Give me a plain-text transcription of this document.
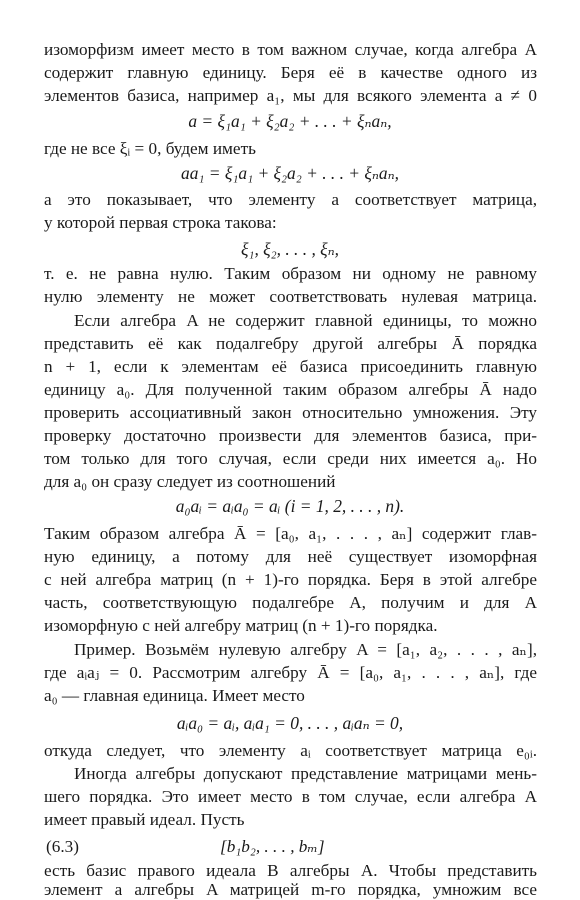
изоморфизм имеет место в том важном случае, когда алгебра A
содержит главную единицу. Беря её в качестве одного из
элементов базиса, например a₁, мы для всякого элемента a ≠ 0
a = ξ₁a₁ + ξ₂a₂ + . . . + ξₙaₙ,
где не все ξᵢ = 0, будем иметь
aa₁ = ξ₁a₁ + ξ₂a₂ + . . . + ξₙaₙ,
а это показывает, что элементу a соответствует матрица,
у которой первая строка такова:
ξ₁, ξ₂, . . . , ξₙ,
т. е. не равна нулю. Таким образом ни одному не равному
нулю элементу не может соответствовать нулевая матрица.
Если алгебра A не содержит главной единицы, то можно
представить её как подалгебру другой алгебры Ā порядка
n + 1, если к элементам её базиса присоединить главную
единицу a₀. Для полученной таким образом алгебры Ā надо
проверить ассоциативный закон относительно умножения. Эту
проверку достаточно произвести для элементов базиса, при-
том только для того случая, если среди них имеется a₀. Но
для a₀ он сразу следует из соотношений
a₀aᵢ = aᵢa₀ = aᵢ (i = 1, 2, . . . , n).
Таким образом алгебра Ā = [a₀, a₁, . . . , aₙ] содержит глав-
ную единицу, а потому для неё существует изоморфная
с ней алгебра матриц (n + 1)-го порядка. Беря в этой алгебре
часть, соответствующую подалгебре A, получим и для A
изоморфную с ней алгебру матриц (n + 1)-го порядка.
Пример. Возьмём нулевую алгебру A = [a₁, a₂, . . . , aₙ],
где aᵢaⱼ = 0. Рассмотрим алгебру Ā = [a₀, a₁, . . . , aₙ], где
a₀ — главная единица. Имеет место
aᵢa₀ = aᵢ, aᵢa₁ = 0, . . . , aᵢaₙ = 0,
откуда следует, что элементу aᵢ соответствует матрица e₀ᵢ.
Иногда алгебры допускают представление матрицами мень-
шего порядка. Это имеет место в том случае, если алгебра A
имеет правый идеал. Пусть
(6.3)	[b₁b₂, . . . , bₘ]
есть базис правого идеала B алгебры A. Чтобы представить
элемент a алгебры A матрицей m-го порядка, умножим все
